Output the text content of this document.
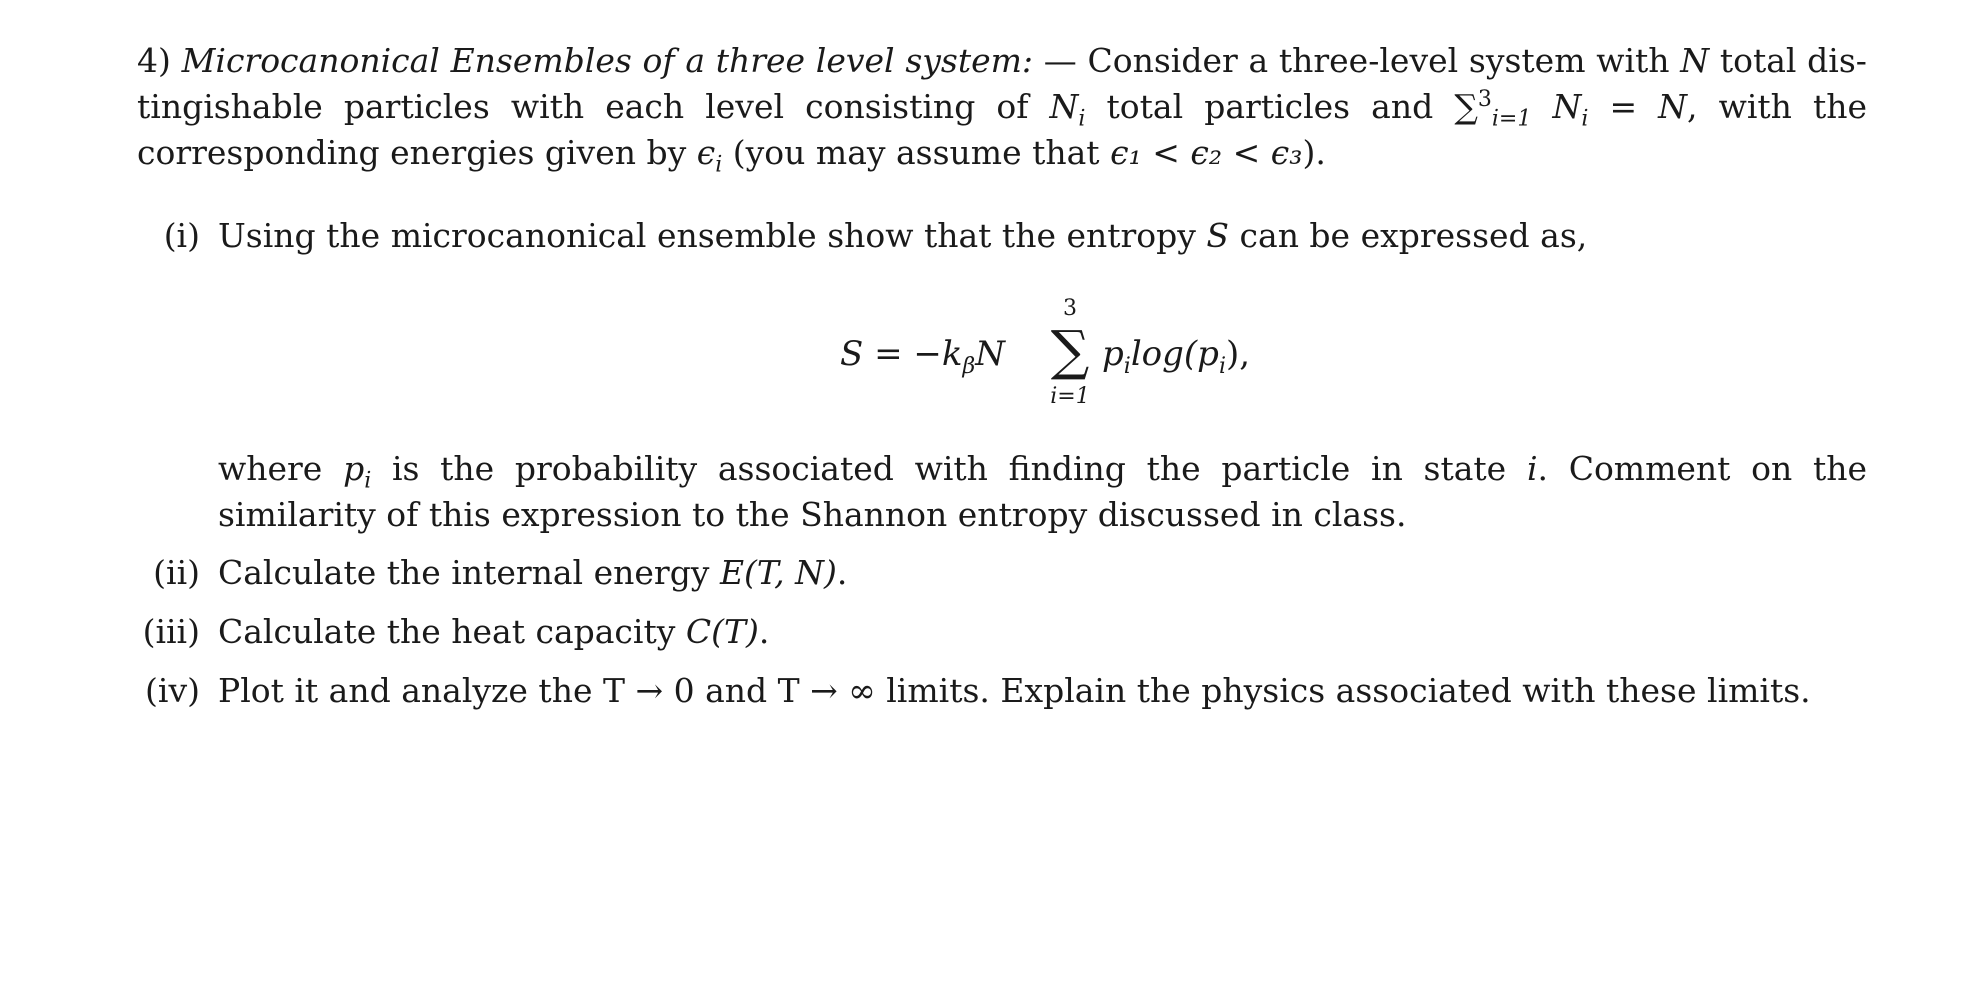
4) Microcanonical Ensembles of a three level system: — Consider a three-level system with N total dis-tingishable particles with each level consisting of $N_i$ total particles and ∑$^3_{i=1}$ $N_i = N$, with the corresponding energies given by $\epsilon_i$ (you may assume that ϵ₁ < ϵ₂ < ϵ₃).
(i) Using the microcanonical ensemble show that the entropy S can be expressed as,
$S = -k_\beta N$
3
∑
i=1
$p_i\log(p_i)$,
where $p_i$ is the probability associated with finding the particle in state i. Comment on the similarity of this expression to the Shannon entropy discussed in class.
(ii) Calculate the internal energy E(T, N).
(iii) Calculate the heat capacity C(T).
(iv) Plot it and analyze the T → 0 and T → ∞ limits. Explain the physics associated with these limits.
